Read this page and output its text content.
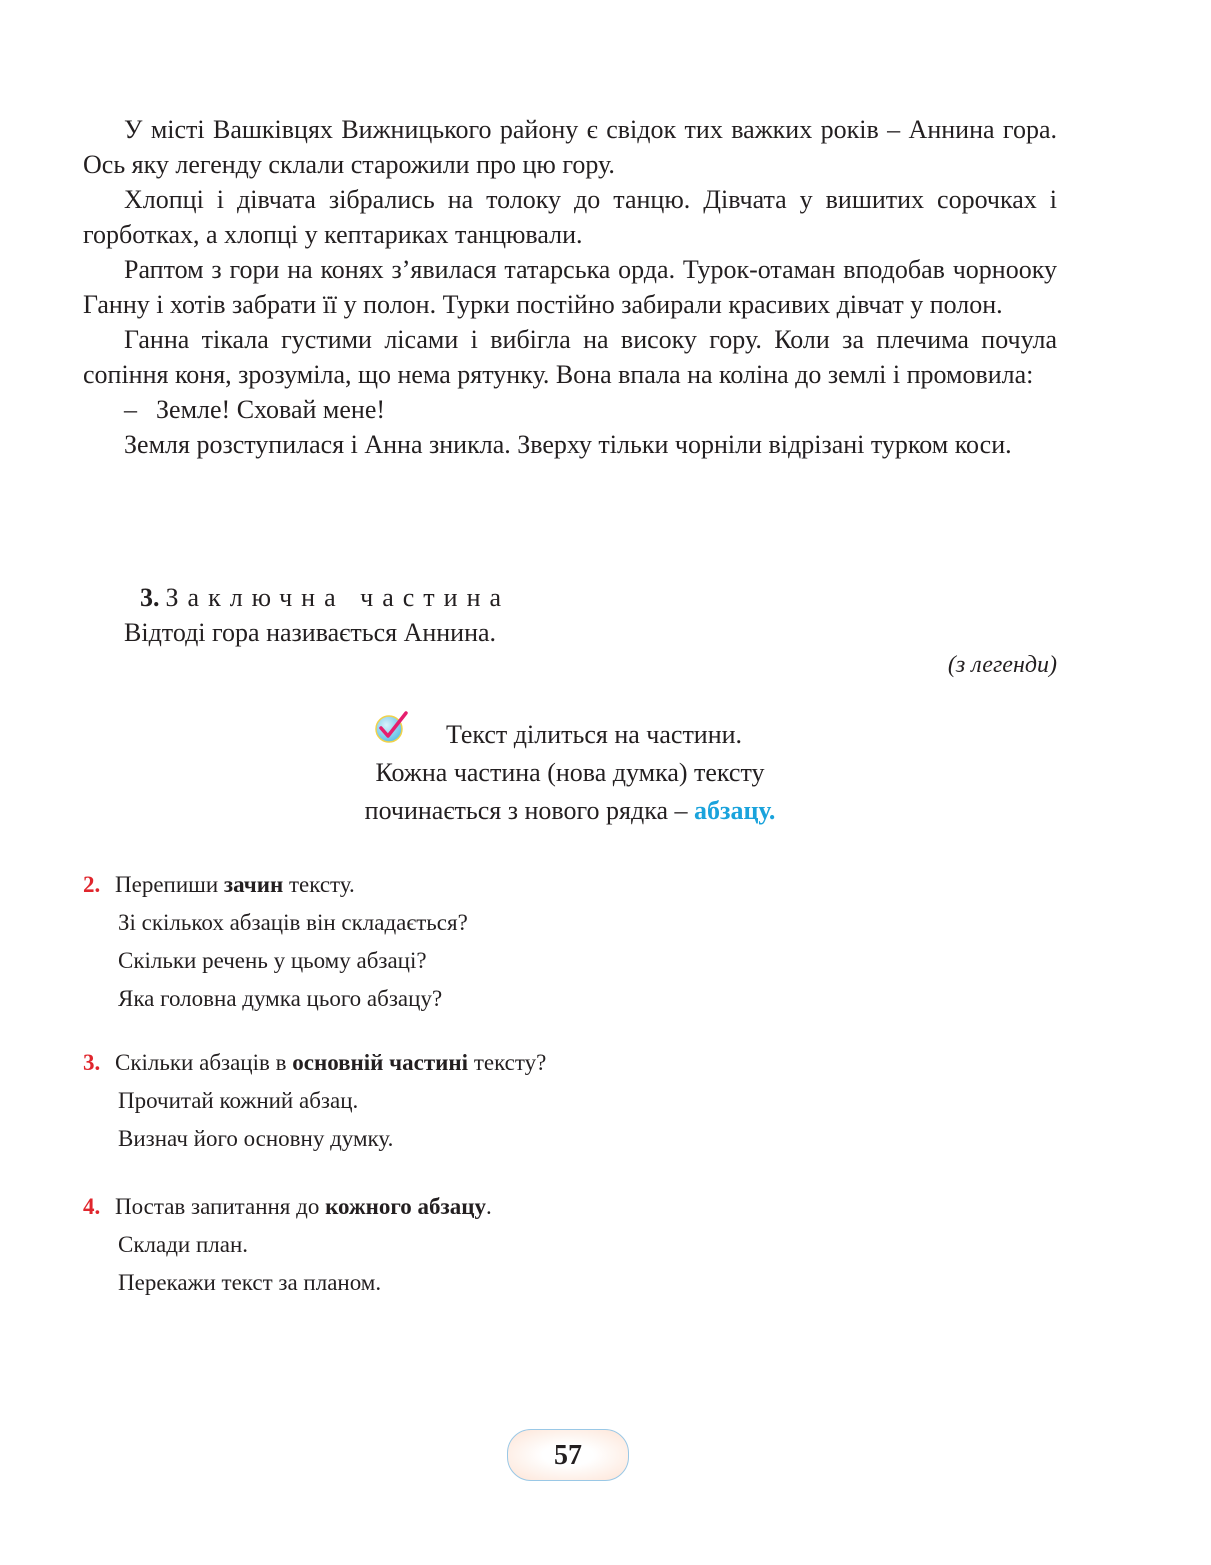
У місті Вашківцях Вижницького району є свідок тих важких років – Аннина гора. Ось яку легенду склали старожили про цю гору.

Хлопці і дівчата зібрались на толоку до танцю. Дівчата у вишитих сорочках і горботках, а хлопці у кептариках танцювали.

Раптом з гори на конях з’явилася татарська орда. Турок-отаман вподобав чорнооку Ганну і хотів забрати її у полон. Турки постійно забирали красивих дівчат у полон.

Ганна тікала густими лісами і вибігла на високу гору. Коли за плечима почула сопіння коня, зрозуміла, що нема рятунку. Вона впала на коліна до землі і промовила:

– Земле! Сховай мене!

Земля розступилася і Анна зникла. Зверху тільки чорніли відрізані турком коси.

3. Заключна частина
Відтоді гора називається Аннина.
(з легенди)
Текст ділиться на частини.
Кожна частина (нова думка) тексту
починається з нового рядка – абзацу.
2. Перепиши зачин тексту.
Зі скількох абзаців він складається?
Скільки речень у цьому абзаці?
Яка головна думка цього абзацу?
3. Скільки абзаців в основній частині тексту?
Прочитай кожний абзац.
Визнач його основну думку.
4. Постав запитання до кожного абзацу.
Склади план.
Перекажи текст за планом.
57
